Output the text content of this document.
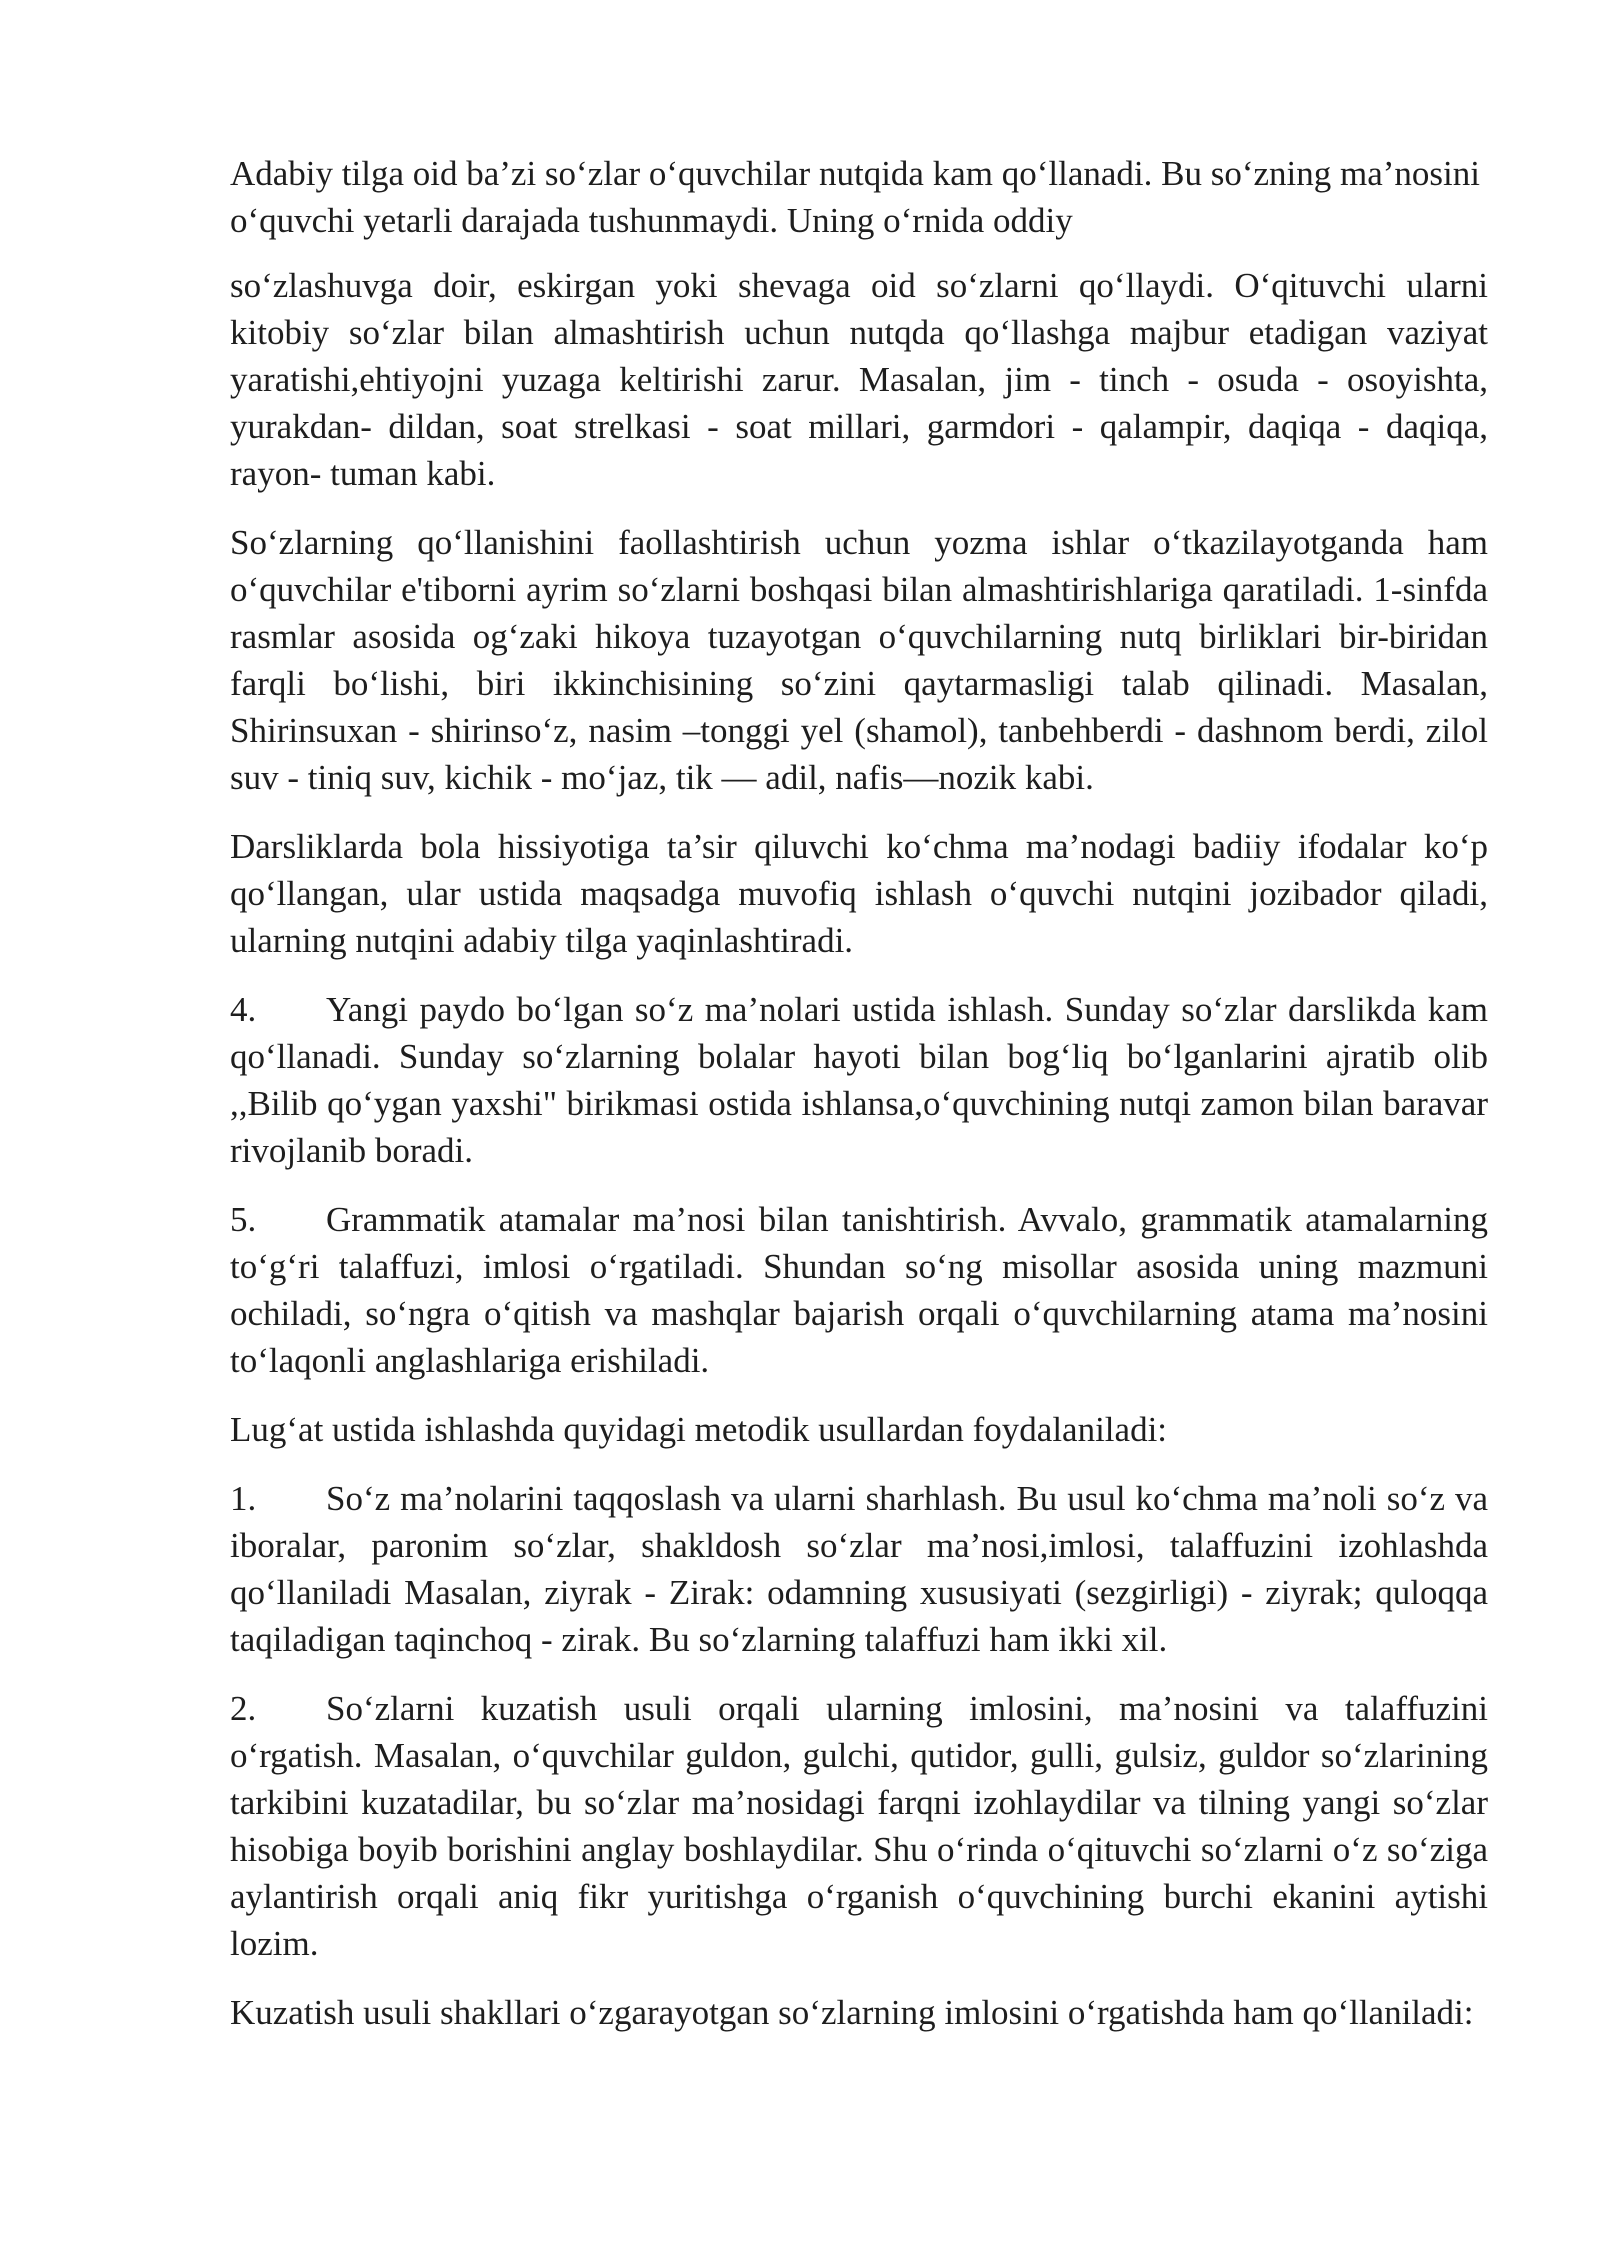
Adabiy tilga oid ba’zi so‘zlar o‘quvchilar nutqida kam qo‘llanadi. Bu so‘zning ma’nosini o‘quvchi yetarli darajada tushunmaydi. Uning o‘rnida oddiy

so‘zlashuvga doir, eskirgan yoki shevaga oid so‘zlarni qo‘llaydi. O‘qituvchi ularni kitobiy so‘zlar bilan almashtirish uchun nutqda qo‘llashga majbur etadigan vaziyat yaratishi,ehtiyojni yuzaga keltirishi zarur. Masalan, jim - tinch - osuda - osoyishta, yurakdan- dildan, soat strelkasi - soat millari, garmdori - qalampir, daqiqa - daqiqa, rayon- tuman kabi.

So‘zlarning qo‘llanishini faollashtirish uchun yozma ishlar o‘tkazilayotganda ham o‘quvchilar e'tiborni ayrim so‘zlarni boshqasi bilan almashtirishlariga qaratiladi. 1-sinfda rasmlar asosida og‘zaki hikoya tuzayotgan o‘quvchilarning nutq birliklari bir-biridan farqli bo‘lishi, biri ikkinchisining so‘zini qaytarmasligi talab qilinadi. Masalan, Shirinsuxan - shirinso‘z, nasim –tonggi yel (shamol), tanbehberdi - dashnom berdi, zilol suv - tiniq suv, kichik - mo‘jaz, tik — adil, nafis—nozik kabi.

Darsliklarda bola hissiyotiga ta’sir qiluvchi ko‘chma ma’nodagi badiiy ifodalar ko‘p qo‘llangan, ular ustida maqsadga muvofiq ishlash o‘quvchi nutqini jozibador qiladi, ularning nutqini adabiy tilga yaqinlashtiradi.

4. Yangi paydo bo‘lgan so‘z ma’nolari ustida ishlash. Sunday so‘zlar darslikda kam qo‘llanadi. Sunday so‘zlarning bolalar hayoti bilan bog‘liq bo‘lganlarini ajratib olib ,,Bilib qo‘ygan yaxshi" birikmasi ostida ishlansa,o‘quvchining nutqi zamon bilan baravar rivojlanib boradi.

5. Grammatik atamalar ma’nosi bilan tanishtirish. Avvalo, grammatik atamalarning to‘g‘ri talaffuzi, imlosi o‘rgatiladi. Shundan so‘ng misollar asosida uning mazmuni ochiladi, so‘ngra o‘qitish va mashqlar bajarish orqali o‘quvchilarning atama ma’nosini to‘laqonli anglashlariga erishiladi.

Lug‘at ustida ishlashda quyidagi metodik usullardan foydalaniladi:

1. So‘z ma’nolarini taqqoslash va ularni sharhlash. Bu usul ko‘chma ma’noli so‘z va iboralar, paronim so‘zlar, shakldosh so‘zlar ma’nosi,imlosi, talaffuzini izohlashda qo‘llaniladi Masalan, ziyrak - Zirak: odamning xususiyati (sezgirligi) - ziyrak; quloqqa taqiladigan taqinchoq - zirak. Bu so‘zlarning talaffuzi ham ikki xil.

2. So‘zlarni kuzatish usuli orqali ularning imlosini, ma’nosini va talaffuzini o‘rgatish. Masalan, o‘quvchilar guldon, gulchi, qutidor, gulli, gulsiz, guldor so‘zlarining tarkibini kuzatadilar, bu so‘zlar ma’nosidagi farqni izohlaydilar va tilning yangi so‘zlar hisobiga boyib borishini anglay boshlaydilar. Shu o‘rinda o‘qituvchi so‘zlarni o‘z so‘ziga aylantirish orqali aniq fikr yuritishga o‘rganish o‘quvchining burchi ekanini aytishi lozim.

Kuzatish usuli shakllari o‘zgarayotgan so‘zlarning imlosini o‘rgatishda ham qo‘llaniladi:
